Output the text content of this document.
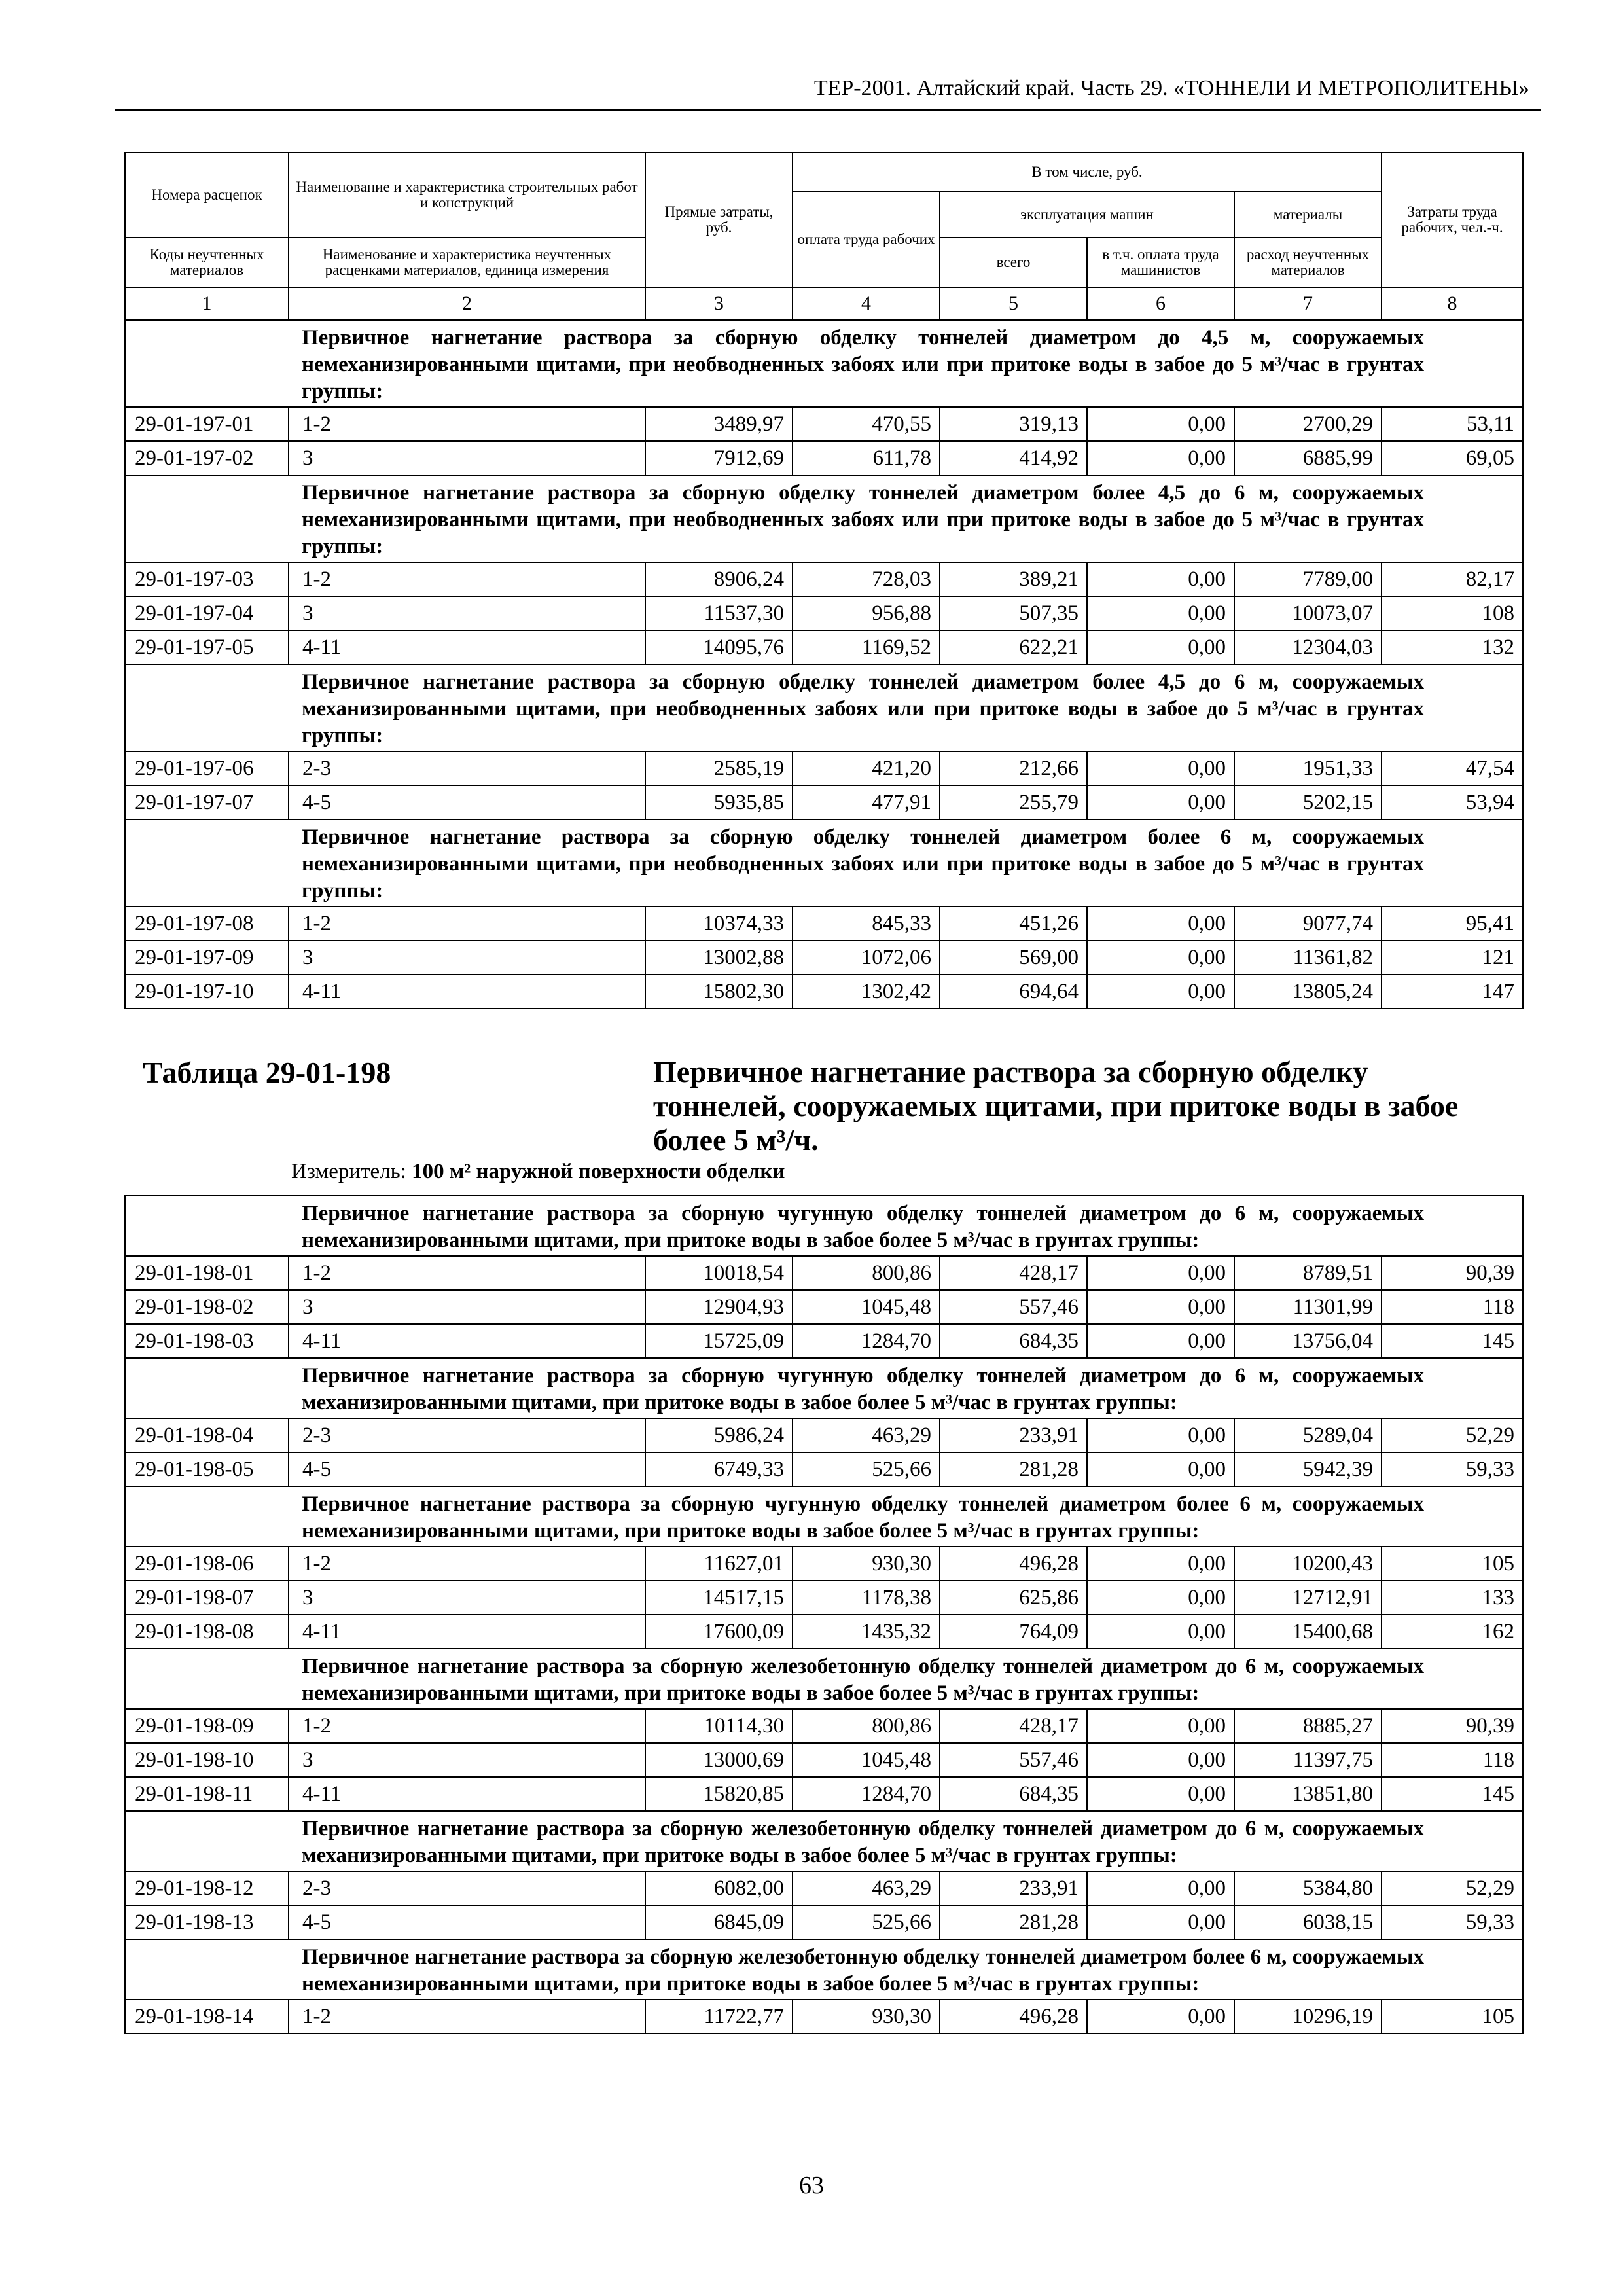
ТЕР-2001. Алтайский край. Часть 29. «ТОННЕЛИ И МЕТРОПОЛИТЕНЫ»
Номера расценок	Наименование и характеристика строительных работ и конструкций	Прямые затраты, руб.	В том числе, руб.				Затраты труда рабочих, чел.-ч.
			оплата труда рабочих	эксплуатация машин		материалы	
Коды неучтенных материалов	Наименование и характеристика неучтенных расценками материалов, единица измерения			всего	в т.ч. оплата труда машинистов	расход неучтенных материалов	
1	2	3	4	5	6	7	8
	Первичное нагнетание раствора за сборную обделку тоннелей диаметром до 4,5 м, сооружаемых немеханизированными щитами, при необводненных забоях или при притоке воды в забое до 5 м³/час в грунтах группы:						
29-01-197-01	1-2	3489,97	470,55	319,13	0,00	2700,29	53,11
29-01-197-02	3	7912,69	611,78	414,92	0,00	6885,99	69,05
	Первичное нагнетание раствора за сборную обделку тоннелей диаметром более 4,5 до 6 м, сооружаемых немеханизированными щитами, при необводненных забоях или при притоке воды в забое до 5 м³/час в грунтах группы:						
29-01-197-03	1-2	8906,24	728,03	389,21	0,00	7789,00	82,17
29-01-197-04	3	11537,30	956,88	507,35	0,00	10073,07	108
29-01-197-05	4-11	14095,76	1169,52	622,21	0,00	12304,03	132
	Первичное нагнетание раствора за сборную обделку тоннелей диаметром более 4,5 до 6 м, сооружаемых механизированными щитами, при необводненных забоях или при притоке воды в забое до 5 м³/час в грунтах группы:						
29-01-197-06	2-3	2585,19	421,20	212,66	0,00	1951,33	47,54
29-01-197-07	4-5	5935,85	477,91	255,79	0,00	5202,15	53,94
	Первичное нагнетание раствора за сборную обделку тоннелей диаметром более 6 м, сооружаемых немеханизированными щитами, при необводненных забоях или при притоке воды в забое до 5 м³/час в грунтах группы:						
29-01-197-08	1-2	10374,33	845,33	451,26	0,00	9077,74	95,41
29-01-197-09	3	13002,88	1072,06	569,00	0,00	11361,82	121
29-01-197-10	4-11	15802,30	1302,42	694,64	0,00	13805,24	147
Таблица 29-01-198	Первичное нагнетание раствора за сборную обделку тоннелей, сооружаемых щитами, при притоке воды в забое более 5 м³/ч.
Измеритель: 100 м² наружной поверхности обделки
	Первичное нагнетание раствора за сборную чугунную обделку тоннелей диаметром до 6 м, сооружаемых немеханизированными щитами, при притоке воды в забое более 5 м³/час в грунтах группы:						
29-01-198-01	1-2	10018,54	800,86	428,17	0,00	8789,51	90,39
29-01-198-02	3	12904,93	1045,48	557,46	0,00	11301,99	118
29-01-198-03	4-11	15725,09	1284,70	684,35	0,00	13756,04	145
	Первичное нагнетание раствора за сборную чугунную обделку тоннелей диаметром до 6 м, сооружаемых механизированными щитами, при притоке воды в забое более 5 м³/час в грунтах группы:						
29-01-198-04	2-3	5986,24	463,29	233,91	0,00	5289,04	52,29
29-01-198-05	4-5	6749,33	525,66	281,28	0,00	5942,39	59,33
	Первичное нагнетание раствора за сборную чугунную обделку тоннелей диаметром более 6 м, сооружаемых немеханизированными щитами, при притоке воды в забое более 5 м³/час в грунтах группы:						
29-01-198-06	1-2	11627,01	930,30	496,28	0,00	10200,43	105
29-01-198-07	3	14517,15	1178,38	625,86	0,00	12712,91	133
29-01-198-08	4-11	17600,09	1435,32	764,09	0,00	15400,68	162
	Первичное нагнетание раствора за сборную железобетонную обделку тоннелей диаметром до 6 м, сооружаемых немеханизированными щитами, при притоке воды в забое более 5 м³/час в грунтах группы:						
29-01-198-09	1-2	10114,30	800,86	428,17	0,00	8885,27	90,39
29-01-198-10	3	13000,69	1045,48	557,46	0,00	11397,75	118
29-01-198-11	4-11	15820,85	1284,70	684,35	0,00	13851,80	145
	Первичное нагнетание раствора за сборную железобетонную обделку тоннелей диаметром до 6 м, сооружаемых механизированными щитами, при притоке воды в забое более 5 м³/час в грунтах группы:						
29-01-198-12	2-3	6082,00	463,29	233,91	0,00	5384,80	52,29
29-01-198-13	4-5	6845,09	525,66	281,28	0,00	6038,15	59,33
	Первичное нагнетание раствора за сборную железобетонную обделку тоннелей диаметром более 6 м, сооружаемых немеханизированными щитами, при притоке воды в забое более 5 м³/час в грунтах группы:						
29-01-198-14	1-2	11722,77	930,30	496,28	0,00	10296,19	105
63
